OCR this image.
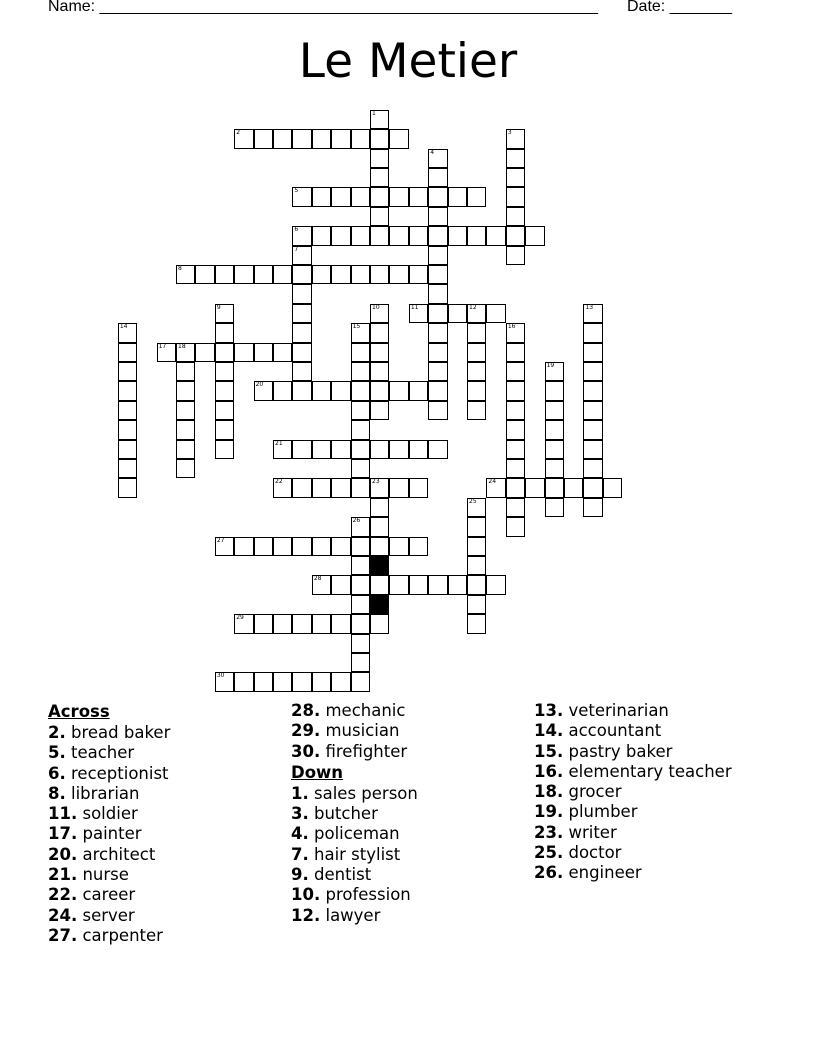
Name: ________________________________________________________ Date: _______
Le Metier
2
5
6
8
11	12
17 18
20
21
22	23	24
27
28
29
30
1
3
4
7
9	10	13
14	15	16
19
25
26
Across
2. bread baker
5. teacher
6. receptionist
8. librarian
11. soldier
17. painter
20. architect
21. nurse
22. career
24. server
27. carpenter
28. mechanic
29. musician
30. firefighter
Down
1. sales person
3. butcher
4. policeman
7. hair stylist
9. dentist
10. profession
12. lawyer
13. veterinarian
14. accountant
15. pastry baker
16. elementary teacher
18. grocer
19. plumber
23. writer
25. doctor
26. engineer
